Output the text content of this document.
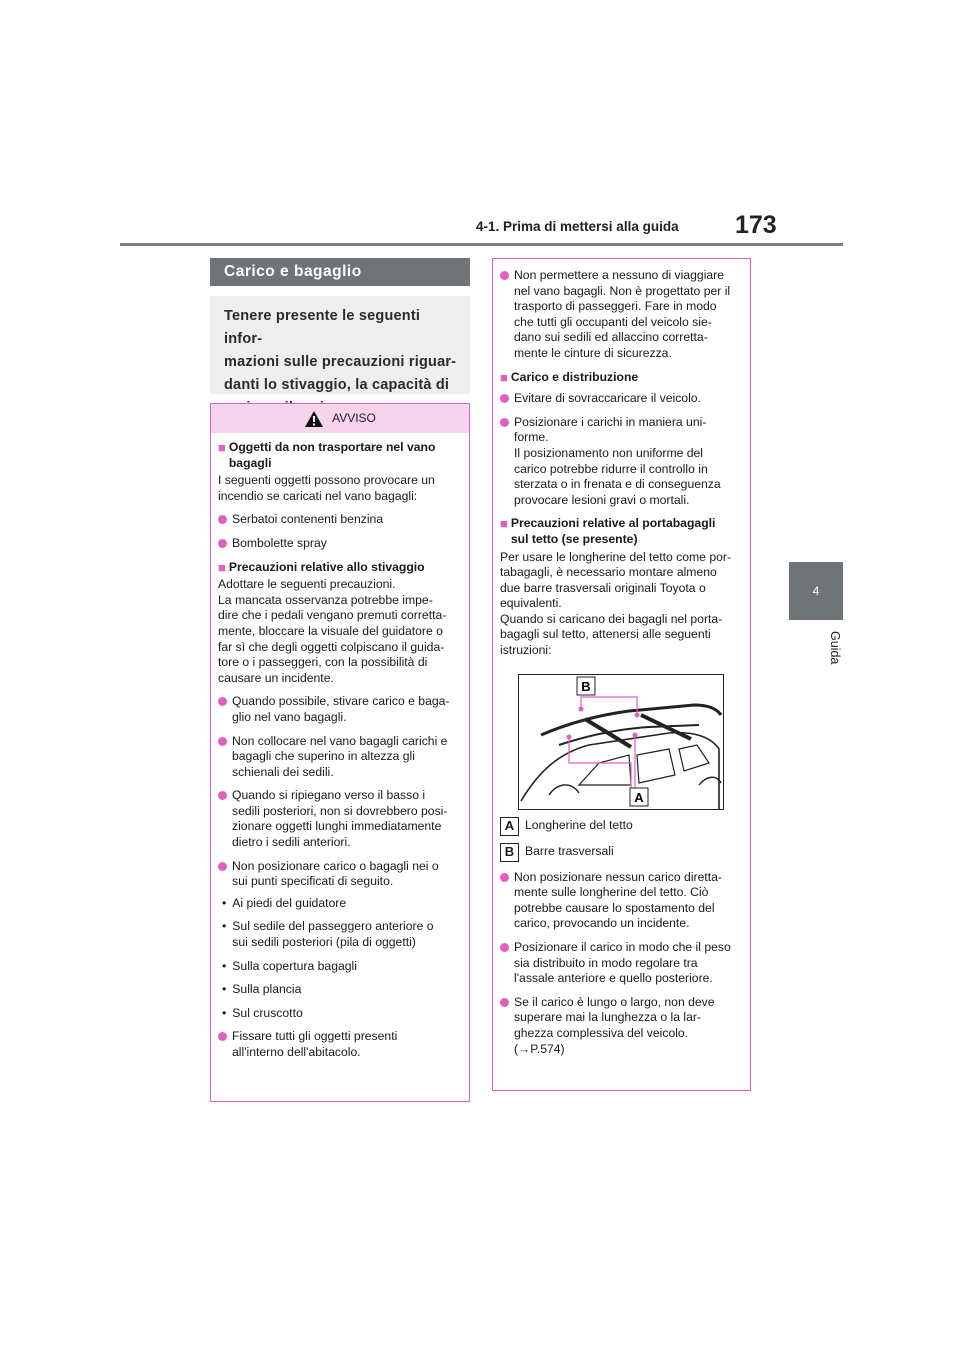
4-1. Prima di mettersi alla guida 173
4
Guida
Carico e bagaglio
Tenere presente le seguenti infor-
mazioni sulle precauzioni riguar-
danti lo stivaggio, la capacità di

AVVISO
■ Oggetti da non trasportare nel vano bagagli
I seguenti oggetti possono provocare un incendio se caricati nel vano bagagli:
Serbatoi contenenti benzina
Bombolette spray
■ Precauzioni relative allo stivaggio
Adottare le seguenti precauzioni.
La mancata osservanza potrebbe impe-
dire che i pedali vengano premuti corretta-
mente, bloccare la visuale del guidatore o
far sì che degli oggetti colpiscano il guida-
tore o i passeggeri, con la possibilità di
causare un incidente.
Quando possibile, stivare carico e baga-
glio nel vano bagagli.
Non collocare nel vano bagagli carichi e
bagagli che superino in altezza gli
schienali dei sedili.
Quando si ripiegano verso il basso i
sedili posteriori, non si dovrebbero posi-
zionare oggetti lunghi immediatamente
dietro i sedili anteriori.
Non posizionare carico o bagagli nei o
sui punti specificati di seguito.
• Ai piedi del guidatore
• Sul sedile del passeggero anteriore o
sui sedili posteriori (pila di oggetti)
• Sulla copertura bagagli
• Sulla plancia
• Sul cruscotto
Fissare tutti gli oggetti presenti
all'interno dell'abitacolo.
Non permettere a nessuno di viaggiare
nel vano bagagli. Non è progettato per il
trasporto di passeggeri. Fare in modo
che tutti gli occupanti del veicolo sie-
dano sui sedili ed allaccino corretta-
mente le cinture di sicurezza.
■ Carico e distribuzione
Evitare di sovraccaricare il veicolo.
Posizionare i carichi in maniera uni-
forme.
Il posizionamento non uniforme del
carico potrebbe ridurre il controllo in
sterzata o in frenata e di conseguenza
provocare lesioni gravi o mortali.
■ Precauzioni relative al portabagagli
sul tetto (se presente)
Per usare le longherine del tetto come por-
tabagagli, è necessario montare almeno
due barre trasversali originali Toyota o
equivalenti.
Quando si caricano dei bagagli nel porta-
bagagli sul tetto, attenersi alle seguenti
istruzioni:
B
A
A Longherine del tetto
B Barre trasversali
Non posizionare nessun carico diretta-
mente sulle longherine del tetto. Ciò
potrebbe causare lo spostamento del
carico, provocando un incidente.
Posizionare il carico in modo che il peso
sia distribuito in modo regolare tra
l'assale anteriore e quello posteriore.
Se il carico è lungo o largo, non deve
superare mai la lunghezza o la lar-
ghezza complessiva del veicolo.
(→P.574)
